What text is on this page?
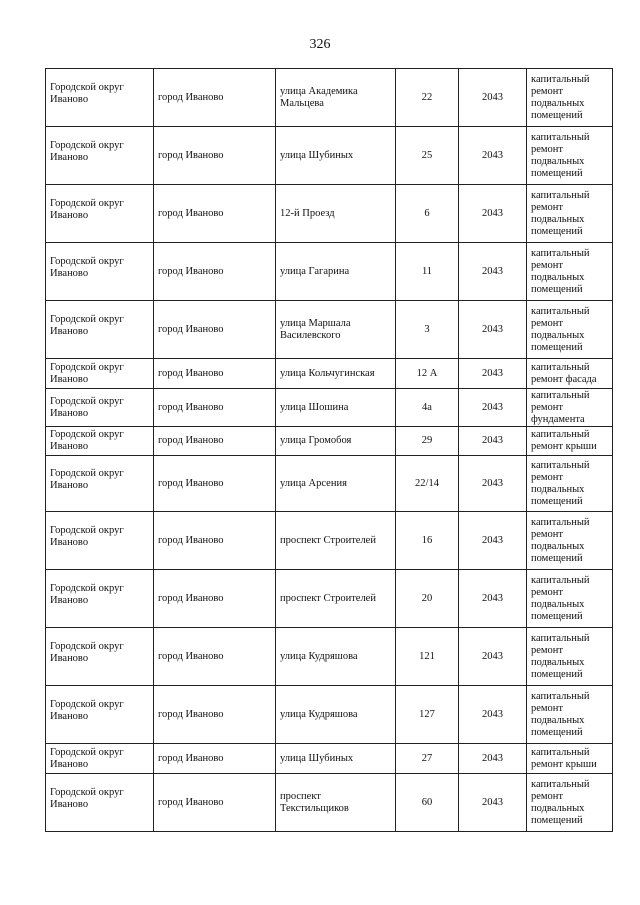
326
Городской округ Иваново	город Иваново	улица Академика Мальцева	22	2043	капитальный ремонт подвальных помещений

Городской округ Иваново	город Иваново	улица Шубиных	25	2043	капитальный ремонт подвальных помещений

Городской округ Иваново	город Иваново	12-й Проезд	6	2043	капитальный ремонт подвальных помещений

Городской округ Иваново	город Иваново	улица Гагарина	11	2043	капитальный ремонт подвальных помещений

Городской округ Иваново	город Иваново	улица Маршала Василевского	3	2043	капитальный ремонт подвальных помещений

Городской округ Иваново	город Иваново	улица Кольчугинская	12 А	2043	капитальный ремонт фасада

Городской округ Иваново	город Иваново	улица Шошина	4а	2043	капитальный ремонт фундамента

Городской округ Иваново	город Иваново	улица Громобоя	29	2043	капитальный ремонт крыши

Городской округ Иваново	город Иваново	улица Арсения	22/14	2043	капитальный ремонт подвальных помещений

Городской округ Иваново	город Иваново	проспект Строителей	16	2043	капитальный ремонт подвальных помещений

Городской округ Иваново	город Иваново	проспект Строителей	20	2043	капитальный ремонт подвальных помещений

Городской округ Иваново	город Иваново	улица Кудряшова	121	2043	капитальный ремонт подвальных помещений

Городской округ Иваново	город Иваново	улица Кудряшова	127	2043	капитальный ремонт подвальных помещений

Городской округ Иваново	город Иваново	улица Шубиных	27	2043	капитальный ремонт крыши

Городской округ Иваново	город Иваново	проспект Текстильщиков	60	2043	капитальный ремонт подвальных помещений
